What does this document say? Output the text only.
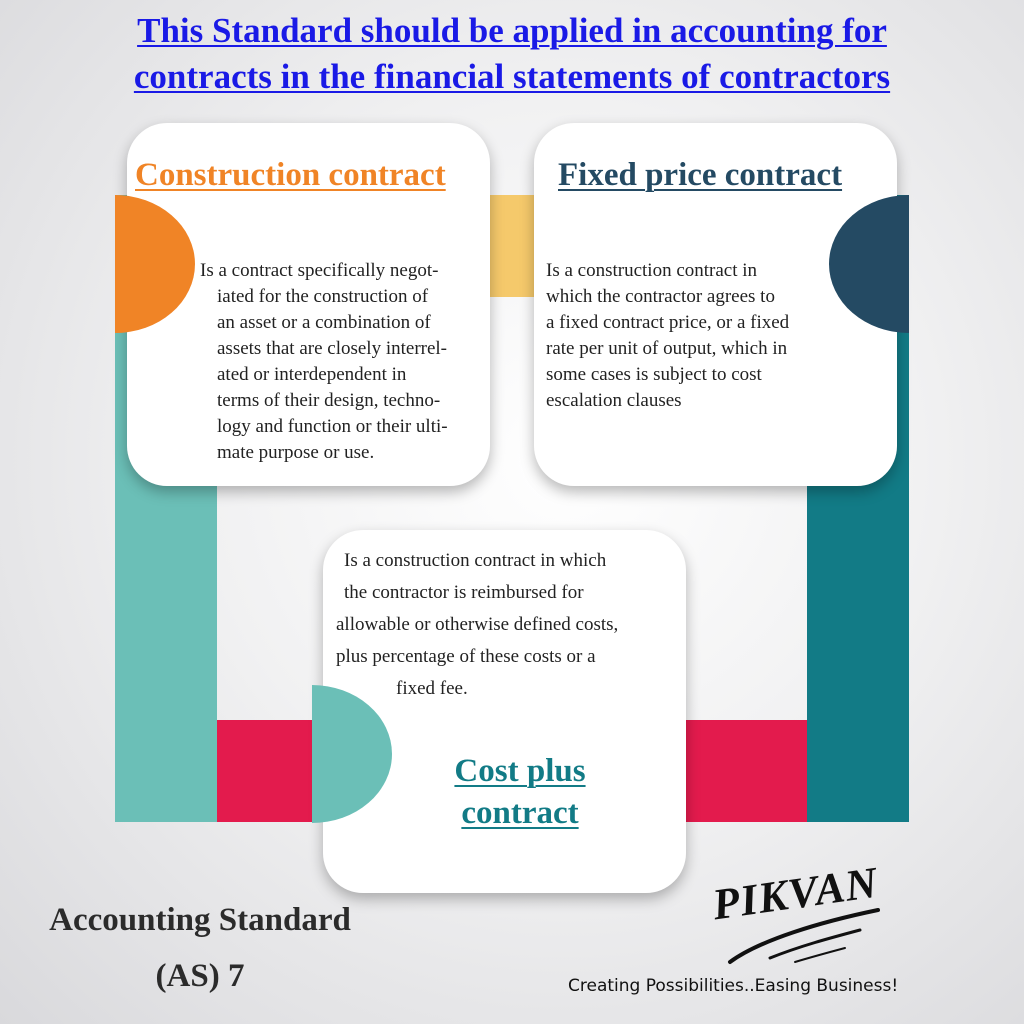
This Standard should be applied in accounting for
contracts in the financial statements of contractors
Construction contract
Is a contract specifically negot-
iated for the construction of
an asset or a combination of
assets that are closely interrel-
ated or interdependent in
terms of their design, techno-
logy and function or their ulti-
mate purpose or use.
Fixed price contract
Is a construction contract in
which the contractor agrees to
a fixed contract price, or a fixed
rate per unit of output, which in
some cases is subject to cost
escalation clauses
Is a construction contract in which
the contractor is reimbursed for
allowable or otherwise defined costs,
plus percentage of these costs or a
fixed fee.
Cost plus
contract
Accounting Standard
(AS) 7
PIKVAN
Creating Possibilities..Easing Business!
